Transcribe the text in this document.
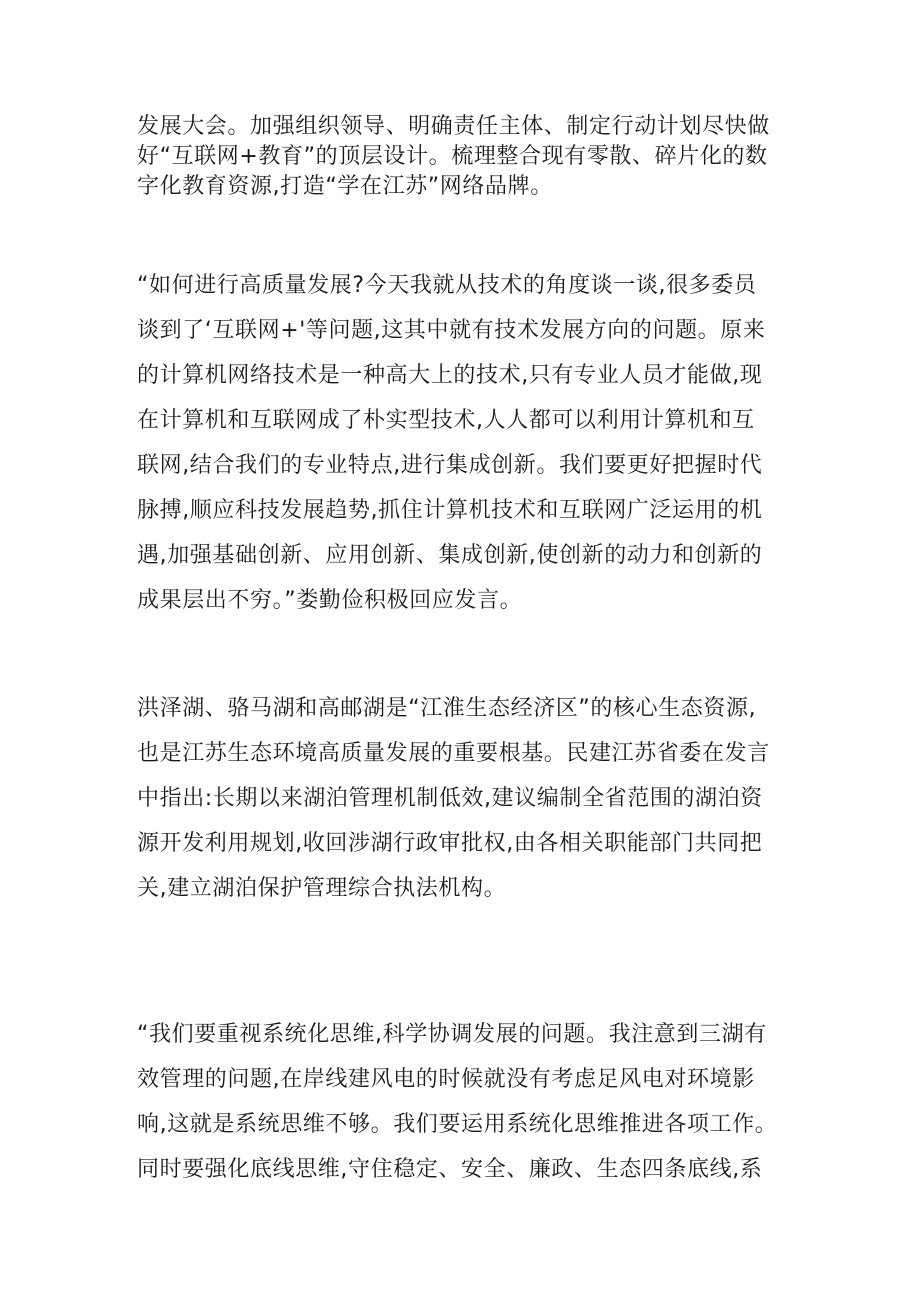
发展大会。加强组织领导、明确责任主体、制定行动计划尽快做
好“互联网+教育”的顶层设计。梳理整合现有零散、碎片化的数
字化教育资源,打造“学在江苏”网络品牌。

“如何进行高质量发展?今天我就从技术的角度谈一谈,很多委员
谈到了‘互联网+'等问题,这其中就有技术发展方向的问题。原来
的计算机网络技术是一种高大上的技术,只有专业人员才能做,现
在计算机和互联网成了朴实型技术,人人都可以利用计算机和互
联网,结合我们的专业特点,进行集成创新。我们要更好把握时代
脉搏,顺应科技发展趋势,抓住计算机技术和互联网广泛运用的机
遇,加强基础创新、应用创新、集成创新,使创新的动力和创新的
成果层出不穷。”娄勤俭积极回应发言。

洪泽湖、骆马湖和高邮湖是“江淮生态经济区”的核心生态资源,
也是江苏生态环境高质量发展的重要根基。民建江苏省委在发言
中指出:长期以来湖泊管理机制低效,建议编制全省范围的湖泊资
源开发利用规划,收回涉湖行政审批权,由各相关职能部门共同把
关,建立湖泊保护管理综合执法机构。

“我们要重视系统化思维,科学协调发展的问题。我注意到三湖有
效管理的问题,在岸线建风电的时候就没有考虑足风电对环境影
响,这就是系统思维不够。我们要运用系统化思维推进各项工作。
同时要强化底线思维,守住稳定、安全、廉政、生态四条底线,系
